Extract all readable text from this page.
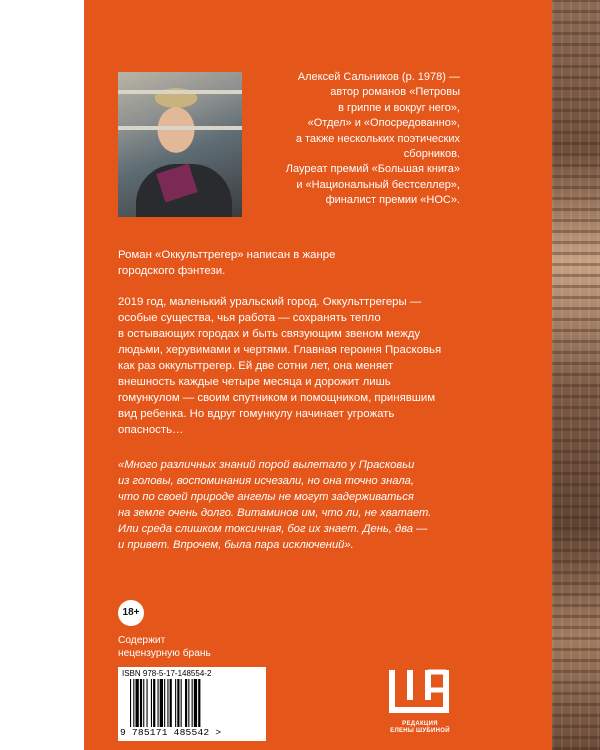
Алексей Сальников (р. 1978) —
автор романов «Петровы
в гриппе и вокруг него»,
«Отдел» и «Опосредованно»,
а также нескольких поэтических
сборников.
Лауреат премий «Большая книга»
и «Национальный бестселлер»,
финалист премии «НОС».
Роман «Оккульттрегер» написан в жанре
городского фэнтези.
2019 год, маленький уральский город. Оккульттрегеры —
особые существа, чья работа — сохранять тепло
в остывающих городах и быть связующим звеном между
людьми, херувимами и чертями. Главная героиня Прасковья
как раз оккульттрегер. Ей две сотни лет, она меняет
внешность каждые четыре месяца и дорожит лишь
гомункулом — своим спутником и помощником, принявшим
вид ребенка. Но вдруг гомункулу начинает угрожать
опасность…
«Много различных знаний порой вылетало у Прасковьи
из головы, воспоминания исчезали, но она точно знала,
что по своей природе ангелы не могут задерживаться
на земле очень долго. Витаминов им, что ли, не хватает.
Или среда слишком токсичная, бог их знает. День, два —
и привет. Впрочем, была пара исключений».
18+
Содержит
нецензурную брань
ISBN 978-5-17-148554-2
9 785171 485542 >
РЕДАКЦИЯ
ЕЛЕНЫ ШУБИНОЙ
